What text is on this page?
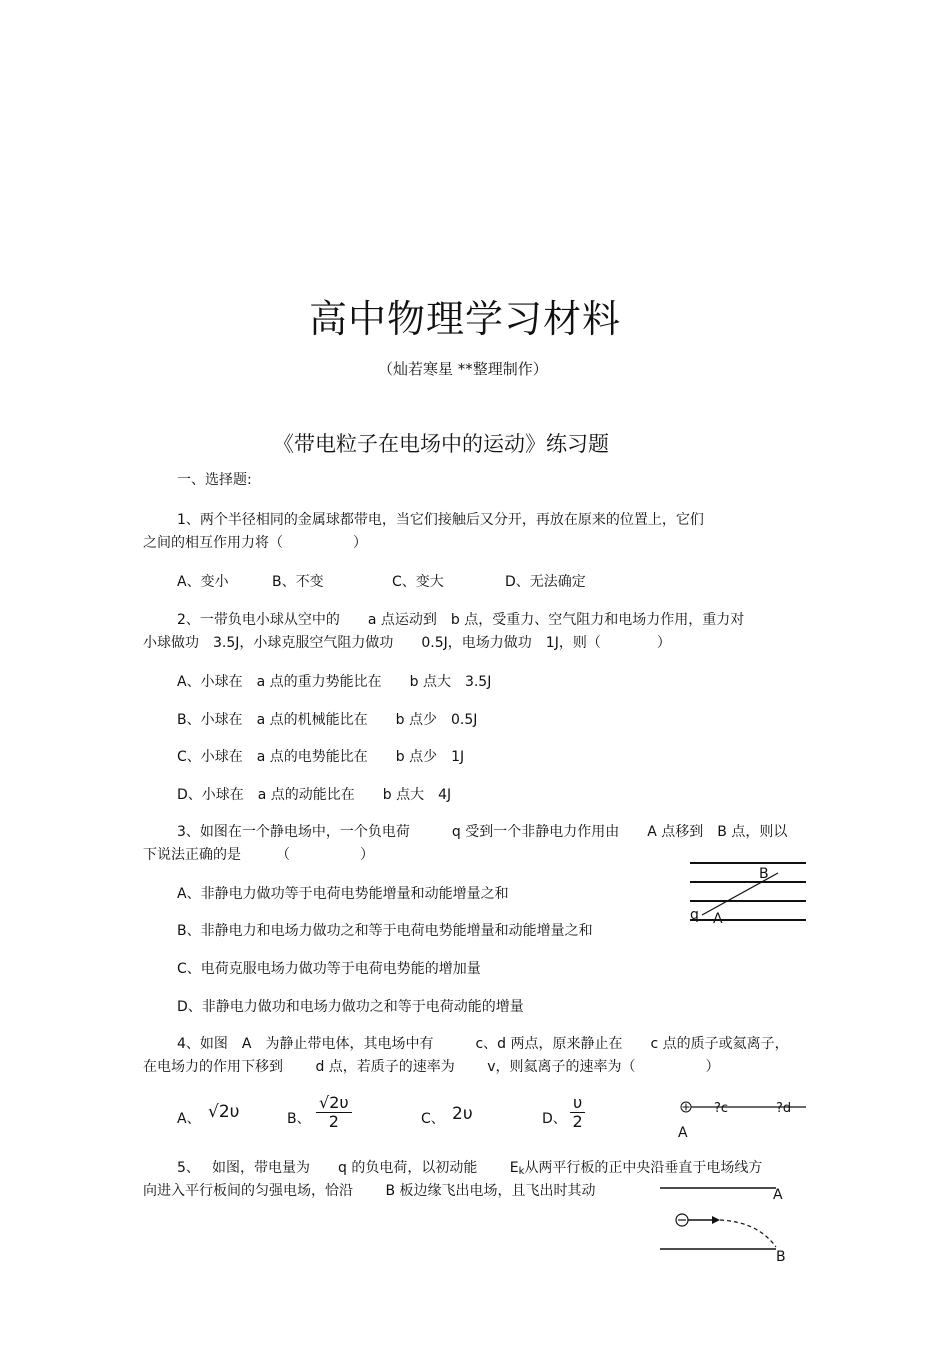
高中物理学习材料
（灿若寒星 **整理制作）
《带电粒子在电场中的运动》练习题
一、选择题:
1、两个半径相同的金属球都带电，当它们接触后又分开，再放在原来的位置上，它们
之间的相互作用力将（　　　　　）
A、变小	B、不变	C、变大	D、无法确定
2、一带负电小球从空中的　　a 点运动到　b 点，受重力、空气阻力和电场力作用，重力对
小球做功　3.5J，小球克服空气阻力做功　　0.5J，电场力做功　1J，则（　　　　）
A、小球在　a 点的重力势能比在　　b 点大　3.5J
B、小球在　a 点的机械能比在　　b 点少　0.5J
C、小球在　a 点的电势能比在　　b 点少　1J
D、小球在　a 点的动能比在　　b 点大　4J
3、如图在一个静电场中，一个负电荷　　　q 受到一个非静电力作用由　　A 点移到　B 点，则以
下说法正确的是　　　（　　　　　）
A、非静电力做功等于电荷电势能增量和动能增量之和
B、非静电力和电场力做功之和等于电荷电势能增量和动能增量之和
C、电荷克服电场力做功等于电荷电势能的增加量
D、非静电力做功和电场力做功之和等于电荷动能的增量
B
q A
4、如图　A　为静止带电体，其电场中有　　　c、d 两点，原来静止在　　c 点的质子或氦离子，
在电场力的作用下移到　　 d 点，若质子的速率为　　 v，则氦离子的速率为（　　　　　）
A、 √2υ	B、 $\frac{√2\upsilon}{2}$	C、 2υ	D、 $\frac{\upsilon}{2}$	?c	?d
A
5、 如图，带电量为　　q 的负电荷，以初动能　　 Ek从两平行板的正中央沿垂直于电场线方
向进入平行板间的匀强电场，恰沿　　 B 板边缘飞出电场，且飞出时其动	A
B
